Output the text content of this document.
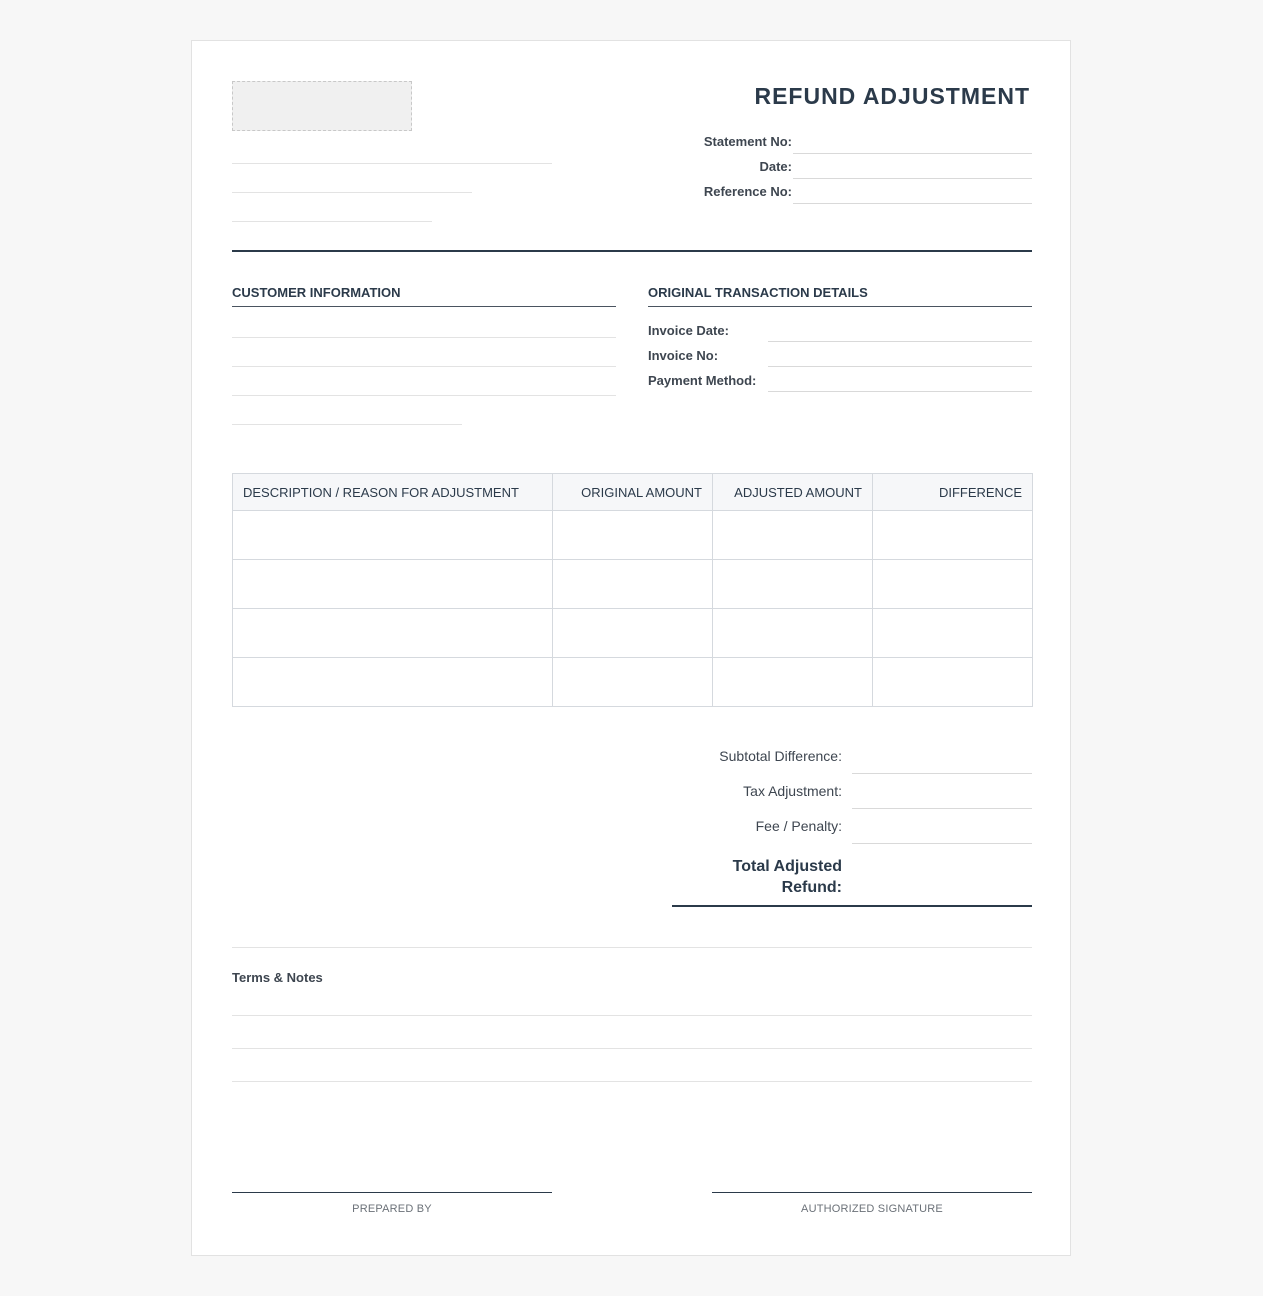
REFUND ADJUSTMENT
Statement No:
Date:
Reference No:
CUSTOMER INFORMATION	ORIGINAL TRANSACTION DETAILS
Invoice Date:
Invoice No:
Payment Method:
DESCRIPTION / REASON FOR ADJUSTMENT	ORIGINAL AMOUNT	ADJUSTED AMOUNT	DIFFERENCE

Subtotal Difference:
Tax Adjustment:
Fee / Penalty:
Total Adjusted Refund:
Terms & Notes
PREPARED BY	AUTHORIZED SIGNATURE
